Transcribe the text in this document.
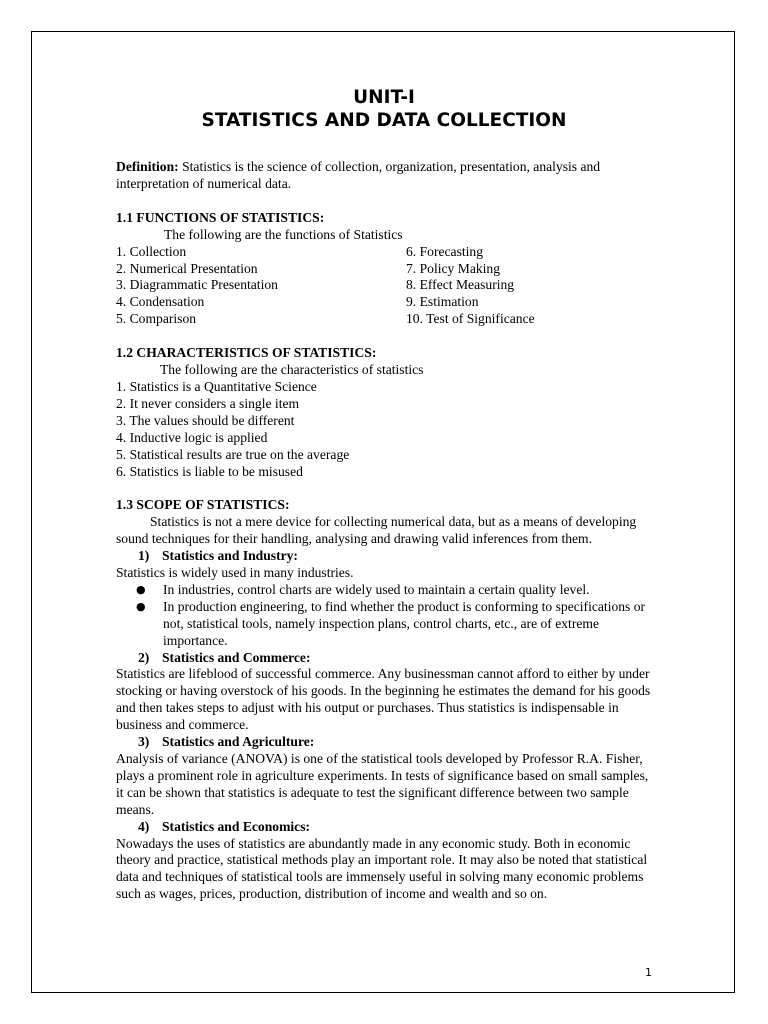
UNIT-I
STATISTICS AND DATA COLLECTION

Definition: Statistics is the science of collection, organization, presentation, analysis and interpretation of numerical data.

1.1 FUNCTIONS OF STATISTICS:

The following are the functions of Statistics

1. Collection
2. Numerical Presentation
3. Diagrammatic Presentation
4. Condensation
5. Comparison
6. Forecasting
7. Policy Making
8. Effect Measuring
9. Estimation
10. Test of Significance

1.2 CHARACTERISTICS OF STATISTICS:

The following are the characteristics of statistics

1. Statistics is a Quantitative Science
2. It never considers a single item
3. The values should be different
4. Inductive logic is applied
5. Statistical results are true on the average
6. Statistics is liable to be misused

1.3 SCOPE OF STATISTICS:

Statistics is not a mere device for collecting numerical data, but as a means of developing sound techniques for their handling, analysing and drawing valid inferences from them.

1) Statistics and Industry:

Statistics is widely used in many industries.

●	In industries, control charts are widely used to maintain a certain quality level.
●	In production engineering, to find whether the product is conforming to specifications or not, statistical tools, namely inspection plans, control charts, etc., are of extreme importance.
2) Statistics and Commerce:

Statistics are lifeblood of successful commerce. Any businessman cannot afford to either by under stocking or having overstock of his goods. In the beginning he estimates the demand for his goods and then takes steps to adjust with his output or purchases. Thus statistics is indispensable in business and commerce.

3) Statistics and Agriculture:

Analysis of variance (ANOVA) is one of the statistical tools developed by Professor R.A. Fisher, plays a prominent role in agriculture experiments. In tests of significance based on small samples, it can be shown that statistics is adequate to test the significant difference between two sample means.

4) Statistics and Economics:

Nowadays the uses of statistics are abundantly made in any economic study. Both in economic theory and practice, statistical methods play an important role. It may also be noted that statistical data and techniques of statistical tools are immensely useful in solving many economic problems such as wages, prices, production, distribution of income and wealth and so on.

1
